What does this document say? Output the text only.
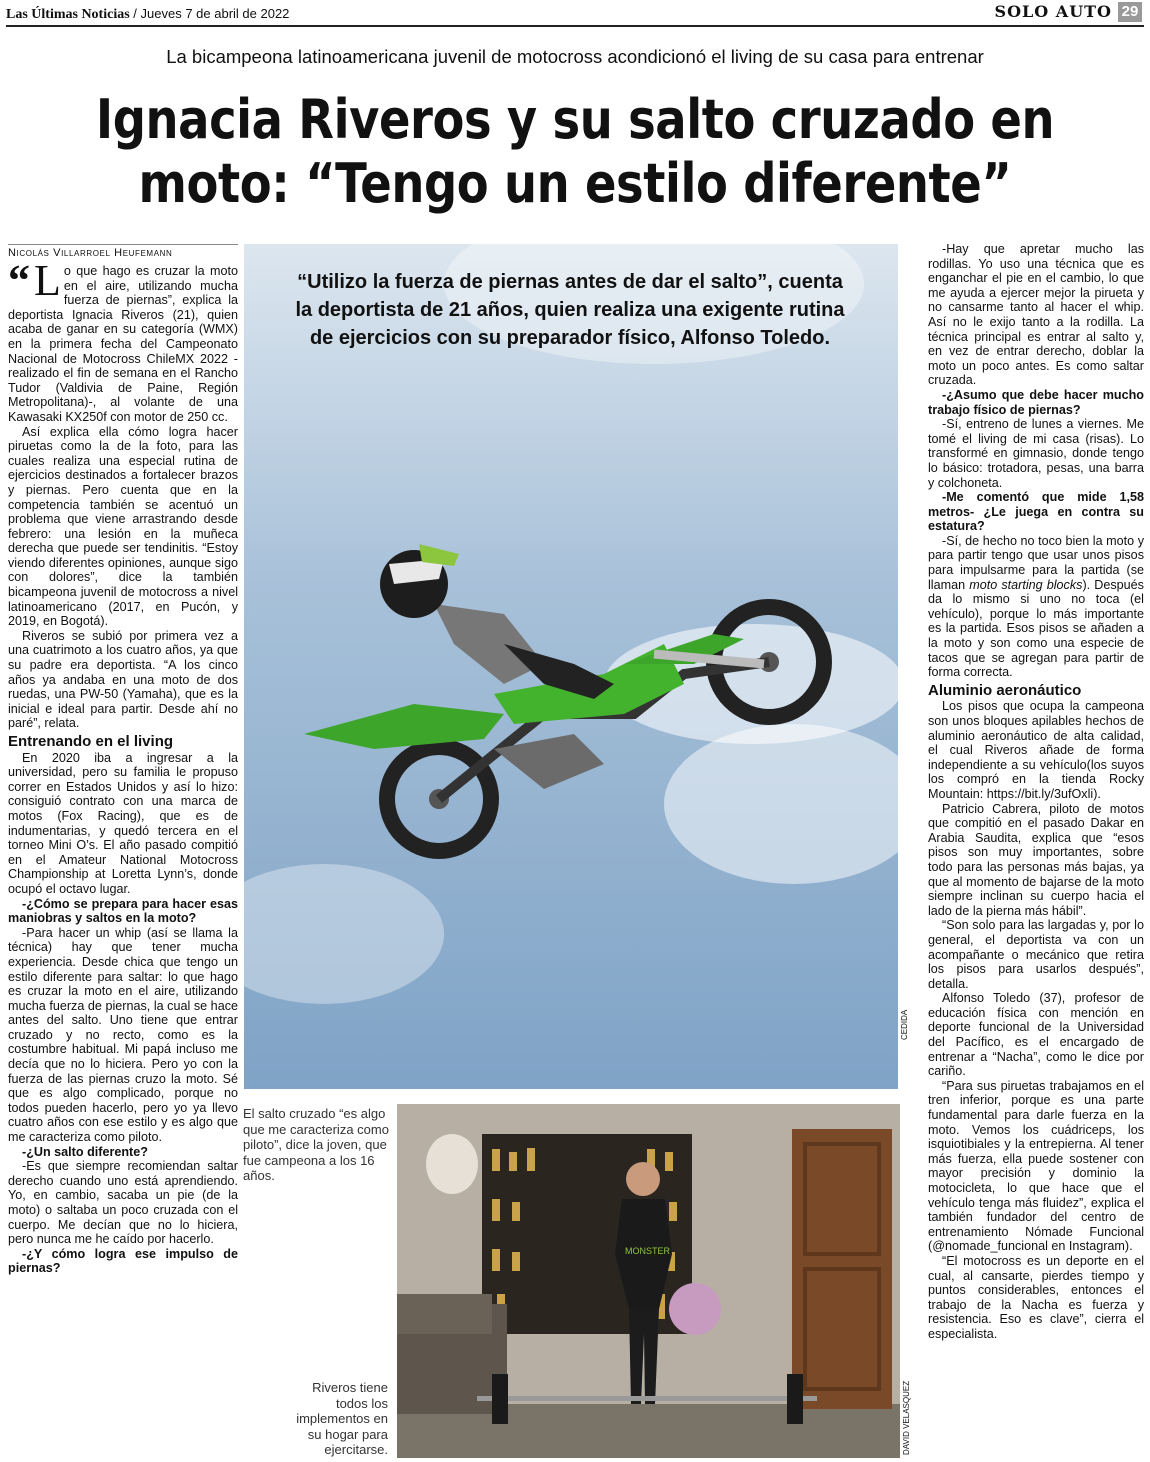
Las Últimas Noticias / Jueves 7 de abril de 2022	SOLO AUTO 29
La bicampeona latinoamericana juvenil de motocross acondicionó el living de su casa para entrenar
Ignacia Riveros y su salto cruzado en
moto: “Tengo un estilo diferente”
Nicolás Villarroel Heufemann

“ L o que hago es cruzar la moto en el aire, utilizando mucha fuerza de piernas”, explica la deportista Ignacia Riveros (21), quien acaba de ganar en su categoría (WMX) en la primera fecha del Campeonato Nacional de Motocross ChileMX 2022 -realizado el fin de semana en el Rancho Tudor (Valdivia de Paine, Región Metropolitana)-, al volante de una Kawasaki KX250f con motor de 250 cc.

Así explica ella cómo logra hacer piruetas como la de la foto, para las cuales realiza una especial rutina de ejercicios destinados a fortalecer brazos y piernas. Pero cuenta que en la competencia también se acentuó un problema que viene arrastrando desde febrero: una lesión en la muñeca derecha que puede ser tendinitis. “Estoy viendo diferentes opiniones, aunque sigo con dolores”, dice la también bicampeona juvenil de motocross a nivel latinoamericano (2017, en Pucón, y 2019, en Bogotá).

Riveros se subió por primera vez a una cuatrimoto a los cuatro años, ya que su padre era deportista. “A los cinco años ya andaba en una moto de dos ruedas, una PW-50 (Yamaha), que es la inicial e ideal para partir. Desde ahí no paré”, relata.

Entrenando en el living

En 2020 iba a ingresar a la universidad, pero su familia le propuso correr en Estados Unidos y así lo hizo: consiguió contrato con una marca de motos (Fox Racing), que es de indumentarias, y quedó tercera en el torneo Mini O’s. El año pasado compitió en el Amateur National Motocross Championship at Loretta Lynn’s, donde ocupó el octavo lugar.

-¿Cómo se prepara para hacer esas maniobras y saltos en la moto?

-Para hacer un whip (así se llama la técnica) hay que tener mucha experiencia. Desde chica que tengo un estilo diferente para saltar: lo que hago es cruzar la moto en el aire, utilizando mucha fuerza de piernas, la cual se hace antes del salto. Uno tiene que entrar cruzado y no recto, como es la costumbre habitual. Mi papá incluso me decía que no lo hiciera. Pero yo con la fuerza de las piernas cruzo la moto. Sé que es algo complicado, porque no todos pueden hacerlo, pero yo ya llevo cuatro años con ese estilo y es algo que me caracteriza como piloto.

-¿Un salto diferente?

-Es que siempre recomiendan saltar derecho cuando uno está aprendiendo. Yo, en cambio, sacaba un pie (de la moto) o saltaba un poco cruzada con el cuerpo. Me decían que no lo hiciera, pero nunca me he caído por hacerlo.

-¿Y cómo logra ese impulso de piernas?

“Utilizo la fuerza de piernas antes de dar el salto”, cuenta la deportista de 21 años, quien realiza una exigente rutina de ejercicios con su preparador físico, Alfonso Toledo.
CEDIDA
El salto cruzado “es algo que me caracteriza como piloto”, dice la joven, que fue campeona a los 16 años.
Riveros tiene todos los implementos en su hogar para ejercitarse.
MONSTER
DAVID VELASQUEZ

-Hay que apretar mucho las rodillas. Yo uso una técnica que es enganchar el pie en el cambio, lo que me ayuda a ejercer mejor la pirueta y no cansarme tanto al hacer el whip. Así no le exijo tanto a la rodilla. La técnica principal es entrar al salto y, en vez de entrar derecho, doblar la moto un poco antes. Es como saltar cruzada.

-¿Asumo que debe hacer mucho trabajo físico de piernas?

-Sí, entreno de lunes a viernes. Me tomé el living de mi casa (risas). Lo transformé en gimnasio, donde tengo lo básico: trotadora, pesas, una barra y colchoneta.

-Me comentó que mide 1,58 metros- ¿Le juega en contra su estatura?

-Sí, de hecho no toco bien la moto y para partir tengo que usar unos pisos para impulsarme para la partida (se llaman moto starting blocks). Después da lo mismo si uno no toca (el vehículo), porque lo más importante es la partida. Esos pisos se añaden a la moto y son como una especie de tacos que se agregan para partir de forma correcta.

Aluminio aeronáutico

Los pisos que ocupa la campeona son unos bloques apilables hechos de aluminio aeronáutico de alta calidad, el cual Riveros añade de forma independiente a su vehículo(los suyos los compró en la tienda Rocky Mountain: https://bit.ly/3ufOxli).

Patricio Cabrera, piloto de motos que compitió en el pasado Dakar en Arabia Saudita, explica que “esos pisos son muy importantes, sobre todo para las personas más bajas, ya que al momento de bajarse de la moto siempre inclinan su cuerpo hacia el lado de la pierna más hábil”.

“Son solo para las largadas y, por lo general, el deportista va con un acompañante o mecánico que retira los pisos para usarlos después”, detalla.

Alfonso Toledo (37), profesor de educación física con mención en deporte funcional de la Universidad del Pacífico, es el encargado de entrenar a “Nacha”, como le dice por cariño.

“Para sus piruetas trabajamos en el tren inferior, porque es una parte fundamental para darle fuerza en la moto. Vemos los cuádriceps, los isquiotibiales y la entrepierna. Al tener más fuerza, ella puede sostener con mayor precisión y dominio la motocicleta, lo que hace que el vehículo tenga más fluidez”, explica el también fundador del centro de entrenamiento Nómade Funcional (@nomade_funcional en Instagram).

“El motocross es un deporte en el cual, al cansarte, pierdes tiempo y puntos considerables, entonces el trabajo de la Nacha es fuerza y resistencia. Eso es clave”, cierra el especialista.
